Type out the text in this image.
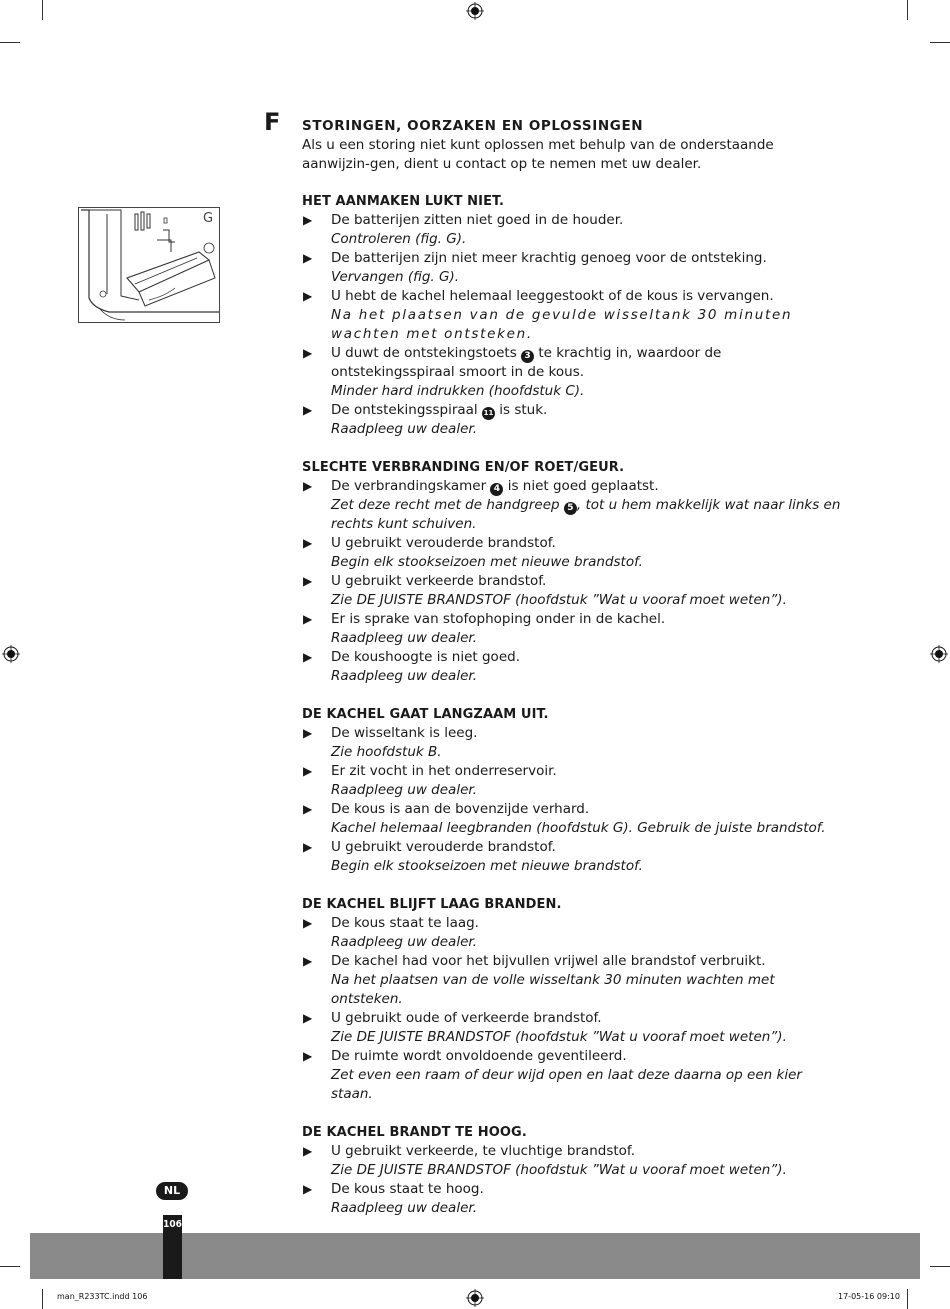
F STORINGEN, OORZAKEN EN OPLOSSINGEN
Als u een storing niet kunt oplossen met behulp van de onderstaande aanwijzin-gen, dient u contact op te nemen met uw dealer.
G
HET AANMAKEN LUKT NIET.
▶ De batterijen zitten niet goed in de houder.
Controleren (fig. G).
▶ De batterijen zijn niet meer krachtig genoeg voor de ontsteking.
Vervangen (fig. G).
▶ U hebt de kachel helemaal leeggestookt of de kous is vervangen.
Na het plaatsen van de gevulde wisseltank 30 minuten wachten met ontsteken.
▶ U duwt de ontstekingstoets 3 te krachtig in, waardoor de ontstekingsspiraal smoort in de kous.
Minder hard indrukken (hoofdstuk C).
▶ De ontstekingsspiraal 11 is stuk.
Raadpleeg uw dealer.
SLECHTE VERBRANDING EN/OF ROET/GEUR.
▶ De verbrandingskamer 4 is niet goed geplaatst.
Zet deze recht met de handgreep 5 , tot u hem makkelijk wat naar links en rechts kunt schuiven.
▶ U gebruikt verouderde brandstof.
Begin elk stookseizoen met nieuwe brandstof.
▶ U gebruikt verkeerde brandstof.
Zie DE JUISTE BRANDSTOF (hoofdstuk ”Wat u vooraf moet weten”).
▶ Er is sprake van stofophoping onder in de kachel.
Raadpleeg uw dealer.
▶ De koushoogte is niet goed.
Raadpleeg uw dealer.
DE KACHEL GAAT LANGZAAM UIT.
▶ De wisseltank is leeg.
Zie hoofdstuk B.
▶ Er zit vocht in het onderreservoir.
Raadpleeg uw dealer.
▶ De kous is aan de bovenzijde verhard.
Kachel helemaal leegbranden (hoofdstuk G). Gebruik de juiste brandstof.
▶ U gebruikt verouderde brandstof.
Begin elk stookseizoen met nieuwe brandstof.
DE KACHEL BLIJFT LAAG BRANDEN.
▶ De kous staat te laag.
Raadpleeg uw dealer.
▶ De kachel had voor het bijvullen vrijwel alle brandstof verbruikt.
Na het plaatsen van de volle wisseltank 30 minuten wachten met ontsteken.
▶ U gebruikt oude of verkeerde brandstof.
Zie DE JUISTE BRANDSTOF (hoofdstuk ”Wat u vooraf moet weten”).
▶ De ruimte wordt onvoldoende geventileerd.
Zet even een raam of deur wijd open en laat deze daarna op een kier staan.
DE KACHEL BRANDT TE HOOG.
▶ U gebruikt verkeerde, te vluchtige brandstof.
Zie DE JUISTE BRANDSTOF (hoofdstuk ”Wat u vooraf moet weten”).
▶ De kous staat te hoog.
Raadpleeg uw dealer.
NL
106
man_R233TC.indd 106	17-05-16 09:10
